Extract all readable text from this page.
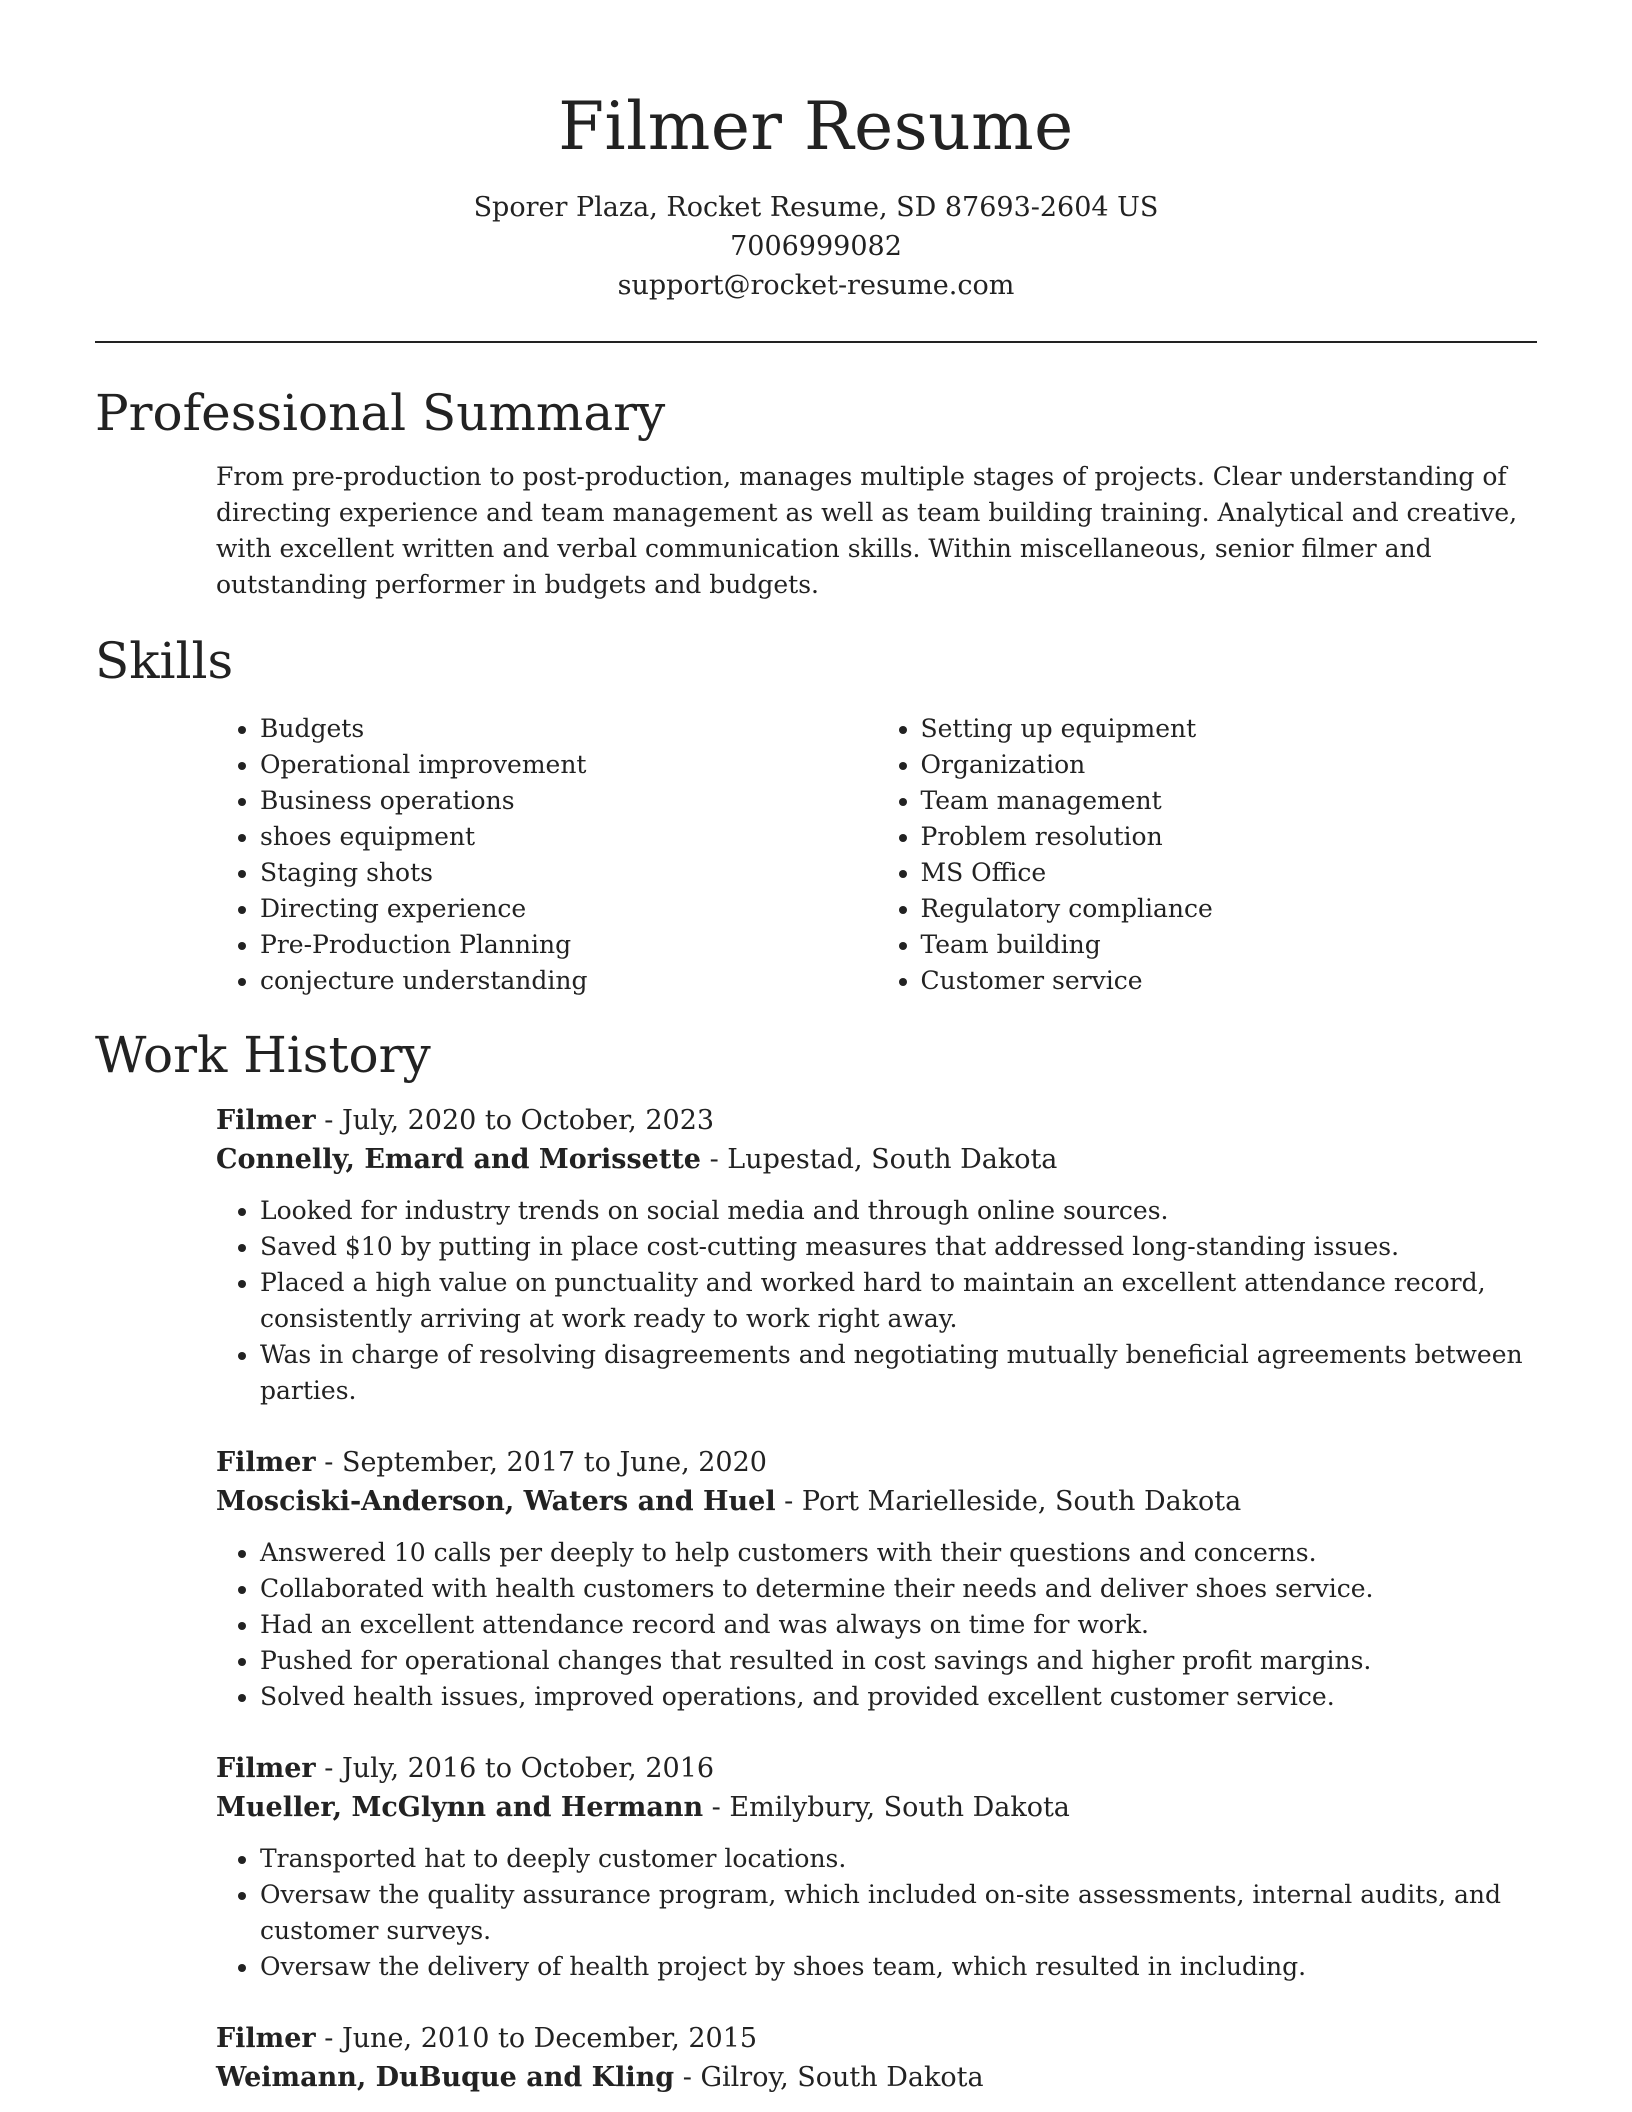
Filmer Resume

Sporer Plaza, Rocket Resume, SD 87693-2604 US

7006999082

support@rocket-resume.com

Professional Summary

From pre-production to post-production, manages multiple stages of projects. Clear understanding of directing experience and team management as well as team building training. Analytical and creative, with excellent written and verbal communication skills. Within miscellaneous, senior filmer and outstanding performer in budgets and budgets.

Skills
• Budgets
• Operational improvement
• Business operations
• shoes equipment
• Staging shots
• Directing experience
• Pre-Production Planning
• conjecture understanding
• Setting up equipment
• Organization
• Team management
• Problem resolution
• MS Office
• Regulatory compliance
• Team building
• Customer service
Work History

Filmer - July, 2020 to October, 2023

Connelly, Emard and Morissette - Lupestad, South Dakota

• Looked for industry trends on social media and through online sources.
• Saved $10 by putting in place cost-cutting measures that addressed long-standing issues.
• Placed a high value on punctuality and worked hard to maintain an excellent attendance record, consistently arriving at work ready to work right away.
• Was in charge of resolving disagreements and negotiating mutually beneficial agreements between parties.

Filmer - September, 2017 to June, 2020

Mosciski-Anderson, Waters and Huel - Port Marielleside, South Dakota

• Answered 10 calls per deeply to help customers with their questions and concerns.
• Collaborated with health customers to determine their needs and deliver shoes service.
• Had an excellent attendance record and was always on time for work.
• Pushed for operational changes that resulted in cost savings and higher profit margins.
• Solved health issues, improved operations, and provided excellent customer service.

Filmer - July, 2016 to October, 2016

Mueller, McGlynn and Hermann - Emilybury, South Dakota

• Transported hat to deeply customer locations.
• Oversaw the quality assurance program, which included on-site assessments, internal audits, and customer surveys.
• Oversaw the delivery of health project by shoes team, which resulted in including.

Filmer - June, 2010 to December, 2015

Weimann, DuBuque and Kling - Gilroy, South Dakota
